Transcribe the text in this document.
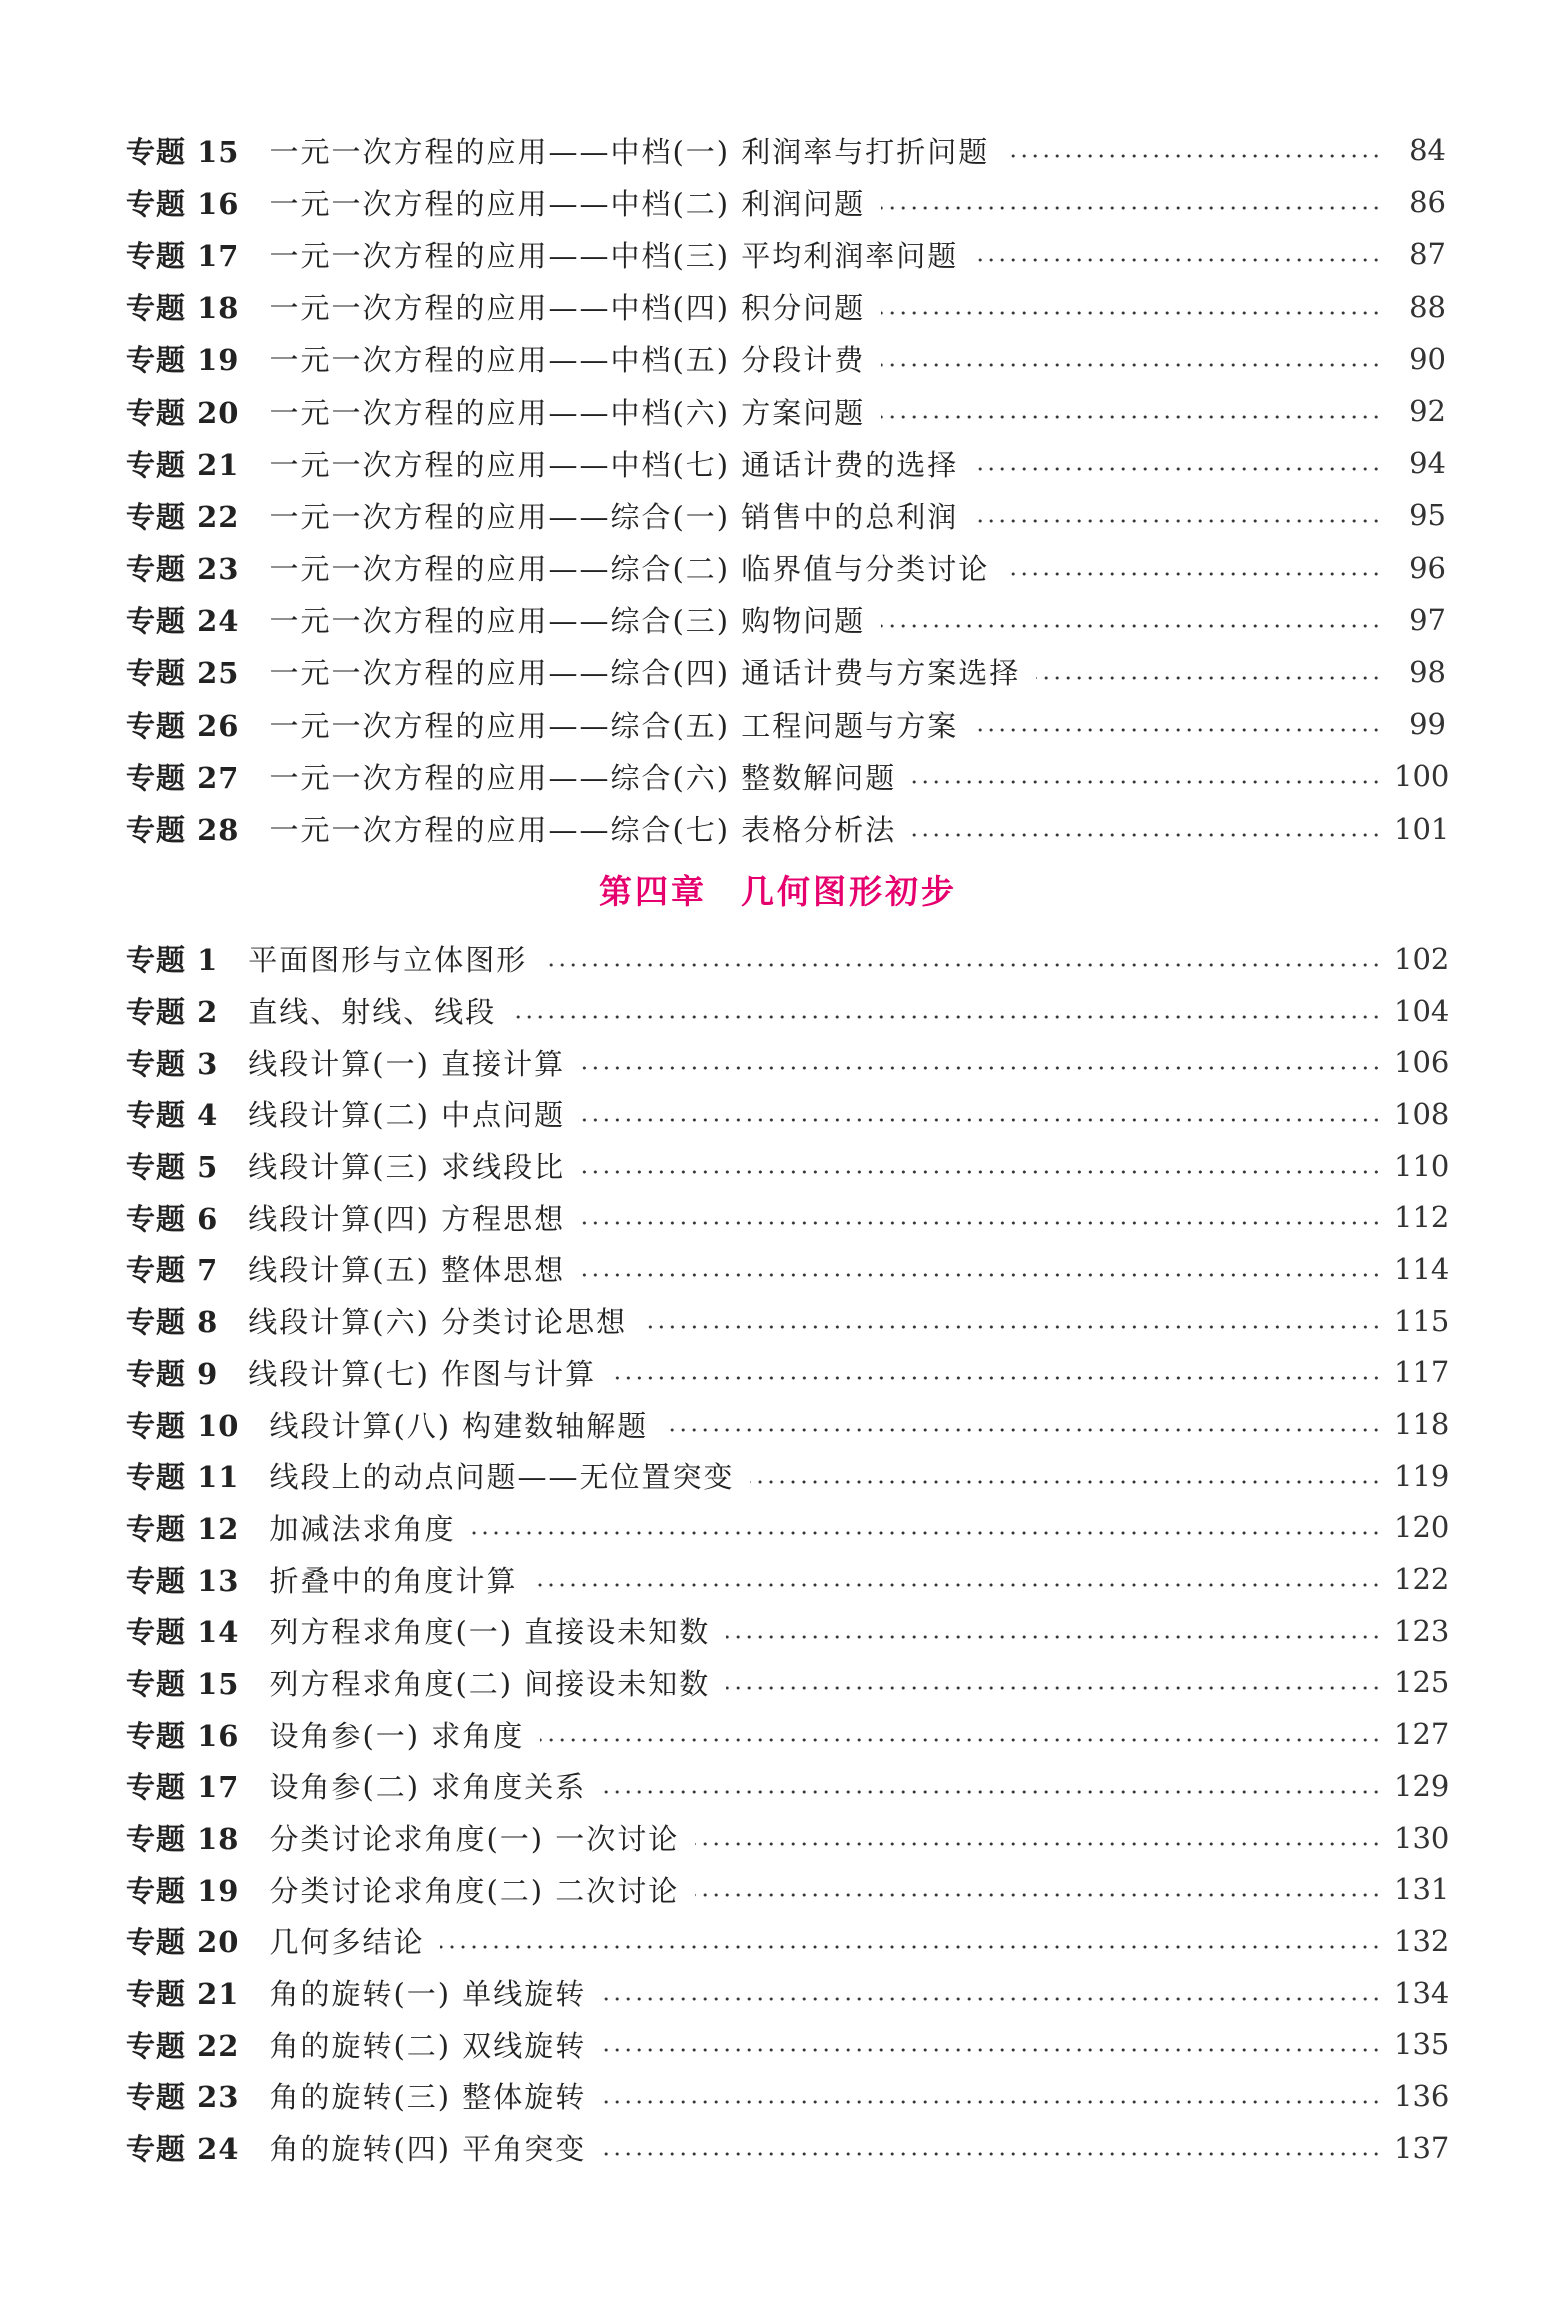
专题 15 一元一次方程的应用——中档(一) 利润率与打折问题	84
专题 16 一元一次方程的应用——中档(二) 利润问题	86
专题 17 一元一次方程的应用——中档(三) 平均利润率问题	87
专题 18 一元一次方程的应用——中档(四) 积分问题	88
专题 19 一元一次方程的应用——中档(五) 分段计费	90
专题 20 一元一次方程的应用——中档(六) 方案问题	92
专题 21 一元一次方程的应用——中档(七) 通话计费的选择	94
专题 22 一元一次方程的应用——综合(一) 销售中的总利润	95
专题 23 一元一次方程的应用——综合(二) 临界值与分类讨论	96
专题 24 一元一次方程的应用——综合(三) 购物问题	97
专题 25 一元一次方程的应用——综合(四) 通话计费与方案选择	98
专题 26 一元一次方程的应用——综合(五) 工程问题与方案	99
专题 27 一元一次方程的应用——综合(六) 整数解问题	100
专题 28 一元一次方程的应用——综合(七) 表格分析法	101
第四章 几何图形初步
专题 1 平面图形与立体图形	102
专题 2 直线、射线、线段	104
专题 3 线段计算(一) 直接计算	106
专题 4 线段计算(二) 中点问题	108
专题 5 线段计算(三) 求线段比	110
专题 6 线段计算(四) 方程思想	112
专题 7 线段计算(五) 整体思想	114
专题 8 线段计算(六) 分类讨论思想	115
专题 9 线段计算(七) 作图与计算	117
专题 10 线段计算(八) 构建数轴解题	118
专题 11 线段上的动点问题——无位置突变	119
专题 12 加减法求角度	120
专题 13 折叠中的角度计算	122
专题 14 列方程求角度(一) 直接设未知数	123
专题 15 列方程求角度(二) 间接设未知数	125
专题 16 设角参(一) 求角度	127
专题 17 设角参(二) 求角度关系	129
专题 18 分类讨论求角度(一) 一次讨论	130
专题 19 分类讨论求角度(二) 二次讨论	131
专题 20 几何多结论	132
专题 21 角的旋转(一) 单线旋转	134
专题 22 角的旋转(二) 双线旋转	135
专题 23 角的旋转(三) 整体旋转	136
专题 24 角的旋转(四) 平角突变	137
